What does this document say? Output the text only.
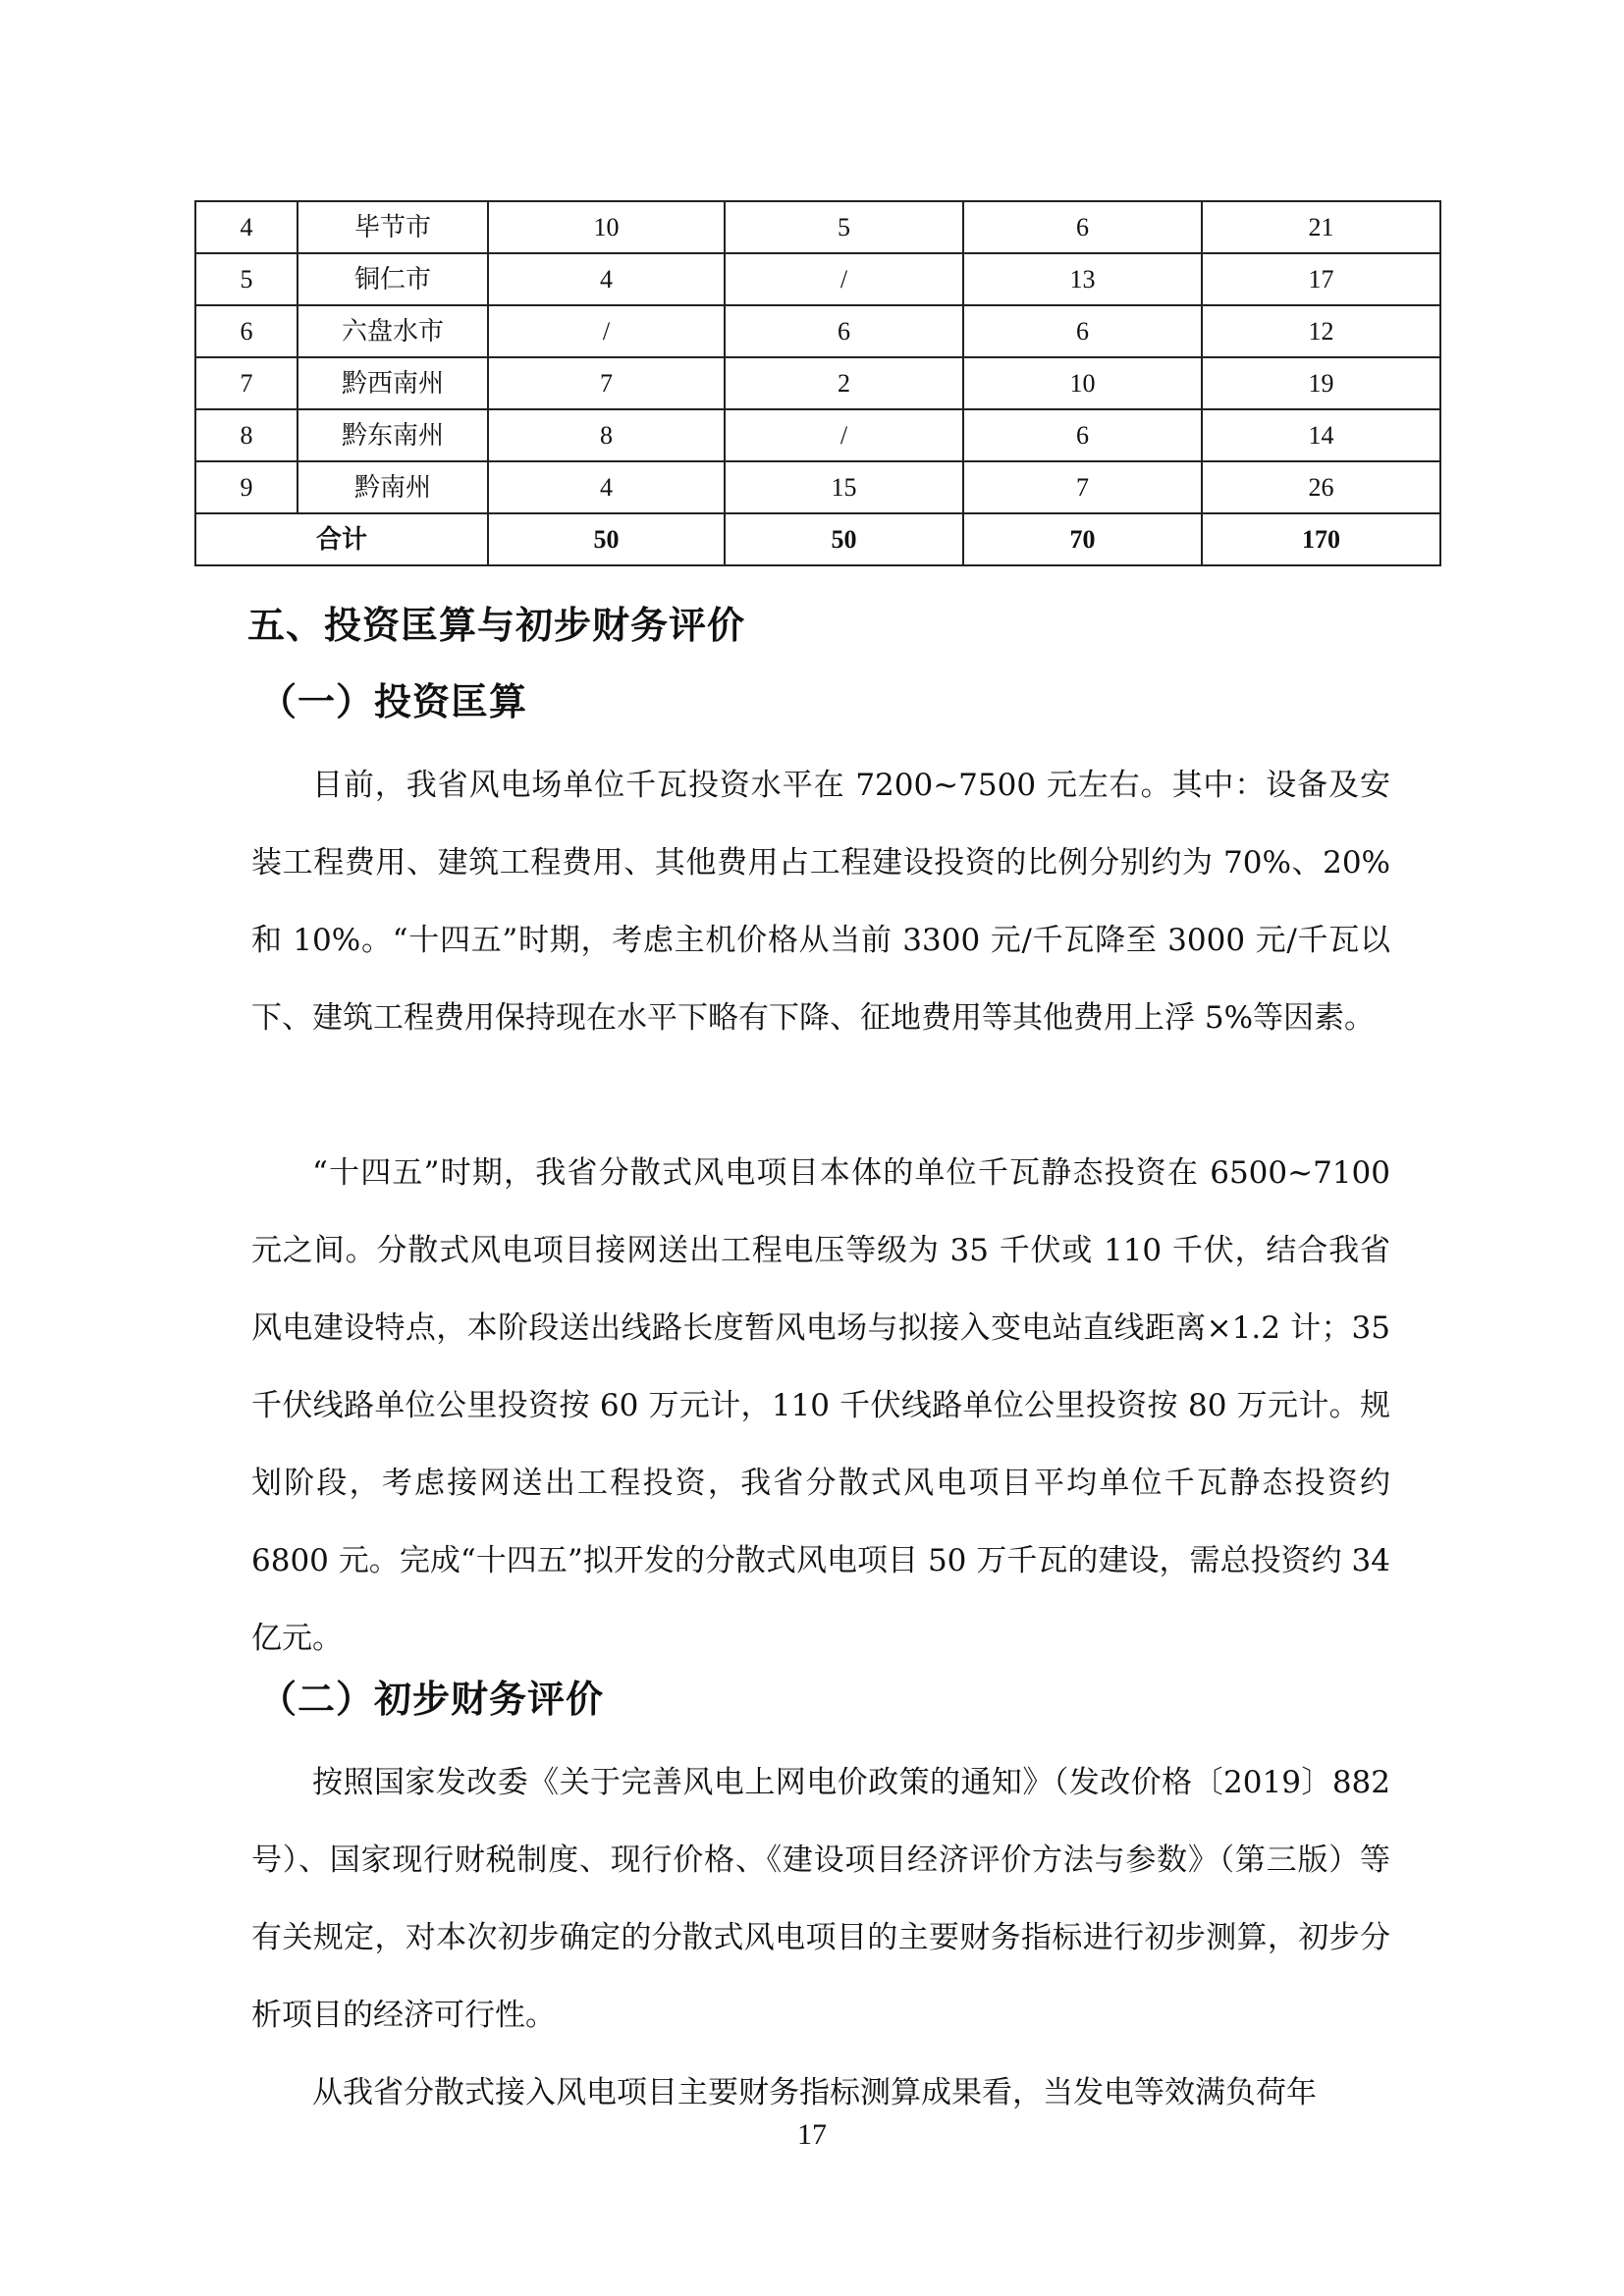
4	毕节市	10	5	6	21
5	铜仁市	4	/	13	17
6	六盘水市	/	6	6	12
7	黔西南州	7	2	10	19
8	黔东南州	8	/	6	14
9	黔南州	4	15	7	26
合计		50	50	70	170
五、投资匡算与初步财务评价
（一）投资匡算

目前，我省风电场单位千瓦投资水平在 7200~7500 元左右。其中：设备及安装工程费用、建筑工程费用、其他费用占工程建设投资的比例分别约为 70%、20%和 10%。“十四五”时期，考虑主机价格从当前 3300 元/千瓦降至 3000 元/千瓦以下、建筑工程费用保持现在水平下略有下降、征地费用等其他费用上浮 5%等因素。

“十四五”时期，我省分散式风电项目本体的单位千瓦静态投资在 6500~7100 元之间。分散式风电项目接网送出工程电压等级为 35 千伏或 110 千伏，结合我省风电建设特点，本阶段送出线路长度暂风电场与拟接入变电站直线距离×1.2 计；35 千伏线路单位公里投资按 60 万元计，110 千伏线路单位公里投资按 80 万元计。规划阶段，考虑接网送出工程投资，我省分散式风电项目平均单位千瓦静态投资约 6800 元。完成“十四五”拟开发的分散式风电项目 50 万千瓦的建设，需总投资约 34 亿元。

（二）初步财务评价

按照国家发改委《关于完善风电上网电价政策的通知》（发改价格〔2019〕882 号）、国家现行财税制度、现行价格、《建设项目经济评价方法与参数》（第三版）等有关规定，对本次初步确定的分散式风电项目的主要财务指标进行初步测算，初步分析项目的经济可行性。

从我省分散式接入风电项目主要财务指标测算成果看，当发电等效满负荷年

17
